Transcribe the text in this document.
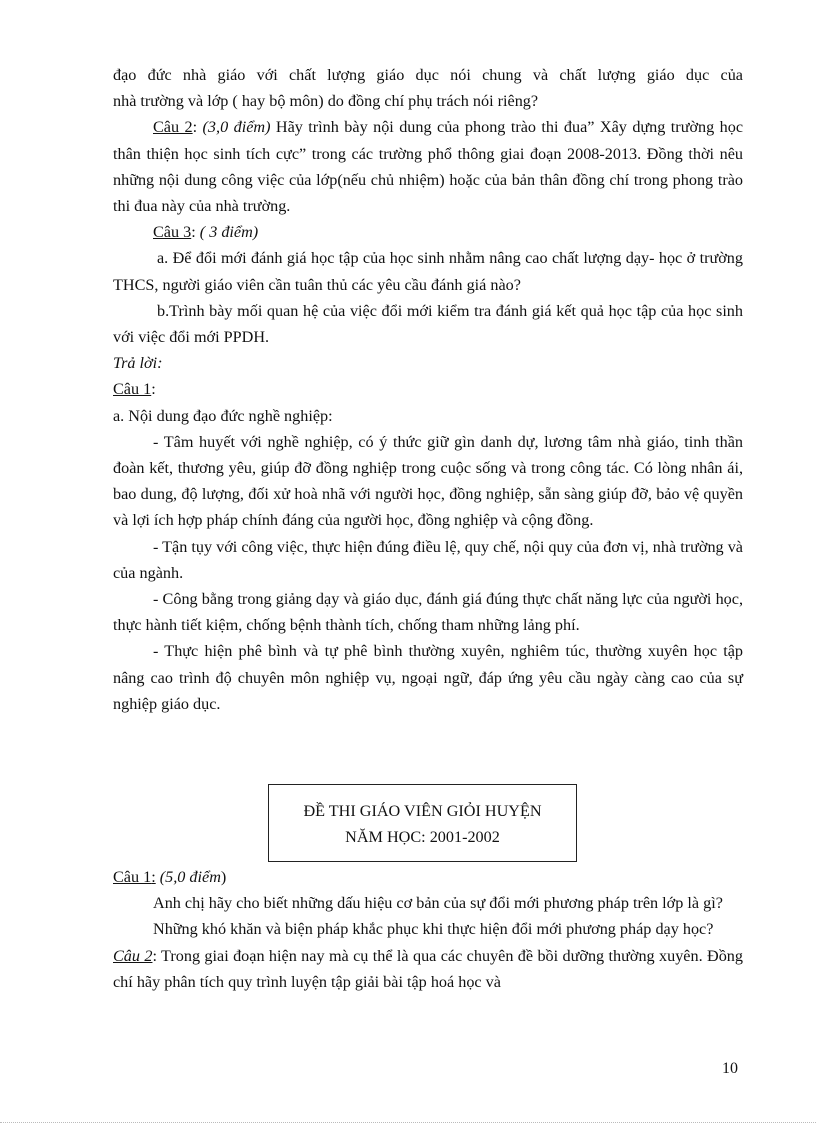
đạo đức nhà giáo với chất lượng giáo dục nói chung và chất lượng giáo dục của

nhà trường và lớp ( hay bộ môn) do đồng chí phụ trách nói riêng?

Câu 2: (3,0 điểm) Hãy trình bày nội dung của phong trào thi đua” Xây dựng trường học thân thiện học sinh tích cực” trong các trường phổ thông giai đoạn 2008-2013. Đồng thời nêu những nội dung công việc của lớp(nếu chủ nhiệm) hoặc của bản thân đồng chí trong phong trào thi đua này của nhà trường.

Câu 3: ( 3 điểm)

a. Để đổi mới đánh giá học tập của học sinh nhằm nâng cao chất lượng dạy- học ở trường THCS, người giáo viên cần tuân thủ các yêu cầu đánh giá nào?

b.Trình bày mối quan hệ của việc đổi mới kiểm tra đánh giá kết quả học tập của học sinh với việc đổi mới PPDH.

Trả lời:

Câu 1:

a. Nội dung đạo đức nghề nghiệp:

- Tâm huyết với nghề nghiệp, có ý thức giữ gìn danh dự, lương tâm nhà giáo, tinh thần đoàn kết, thương yêu, giúp đỡ đồng nghiệp trong cuộc sống và trong công tác. Có lòng nhân ái, bao dung, độ lượng, đối xử hoà nhã với người học, đồng nghiệp, sẵn sàng giúp đỡ, bảo vệ quyền và lợi ích hợp pháp chính đáng của người học, đồng nghiệp và cộng đồng.

- Tận tụy với công việc, thực hiện đúng điều lệ, quy chế, nội quy của đơn vị, nhà trường và của ngành.

- Công bằng trong giảng dạy và giáo dục, đánh giá đúng thực chất năng lực của người học, thực hành tiết kiệm, chống bệnh thành tích, chống tham những lảng phí.

- Thực hiện phê bình và tự phê bình thường xuyên, nghiêm túc, thường xuyên học tập nâng cao trình độ chuyên môn nghiệp vụ, ngoại ngữ, đáp ứng yêu cầu ngày càng cao của sự nghiệp giáo dục.

ĐỀ THI GIÁO VIÊN GIỎI HUYỆN
NĂM HỌC: 2001-2002

Câu 1: (5,0 điểm)

Anh chị hãy cho biết những dấu hiệu cơ bản của sự đổi mới phương pháp trên lớp là gì?

Những khó khăn và biện pháp khắc phục khi thực hiện đổi mới phương pháp dạy học?

Câu 2: Trong giai đoạn hiện nay mà cụ thể là qua các chuyên đề bồi dưỡng thường xuyên. Đồng chí hãy phân tích quy trình luyện tập giải bài tập hoá học và

10
